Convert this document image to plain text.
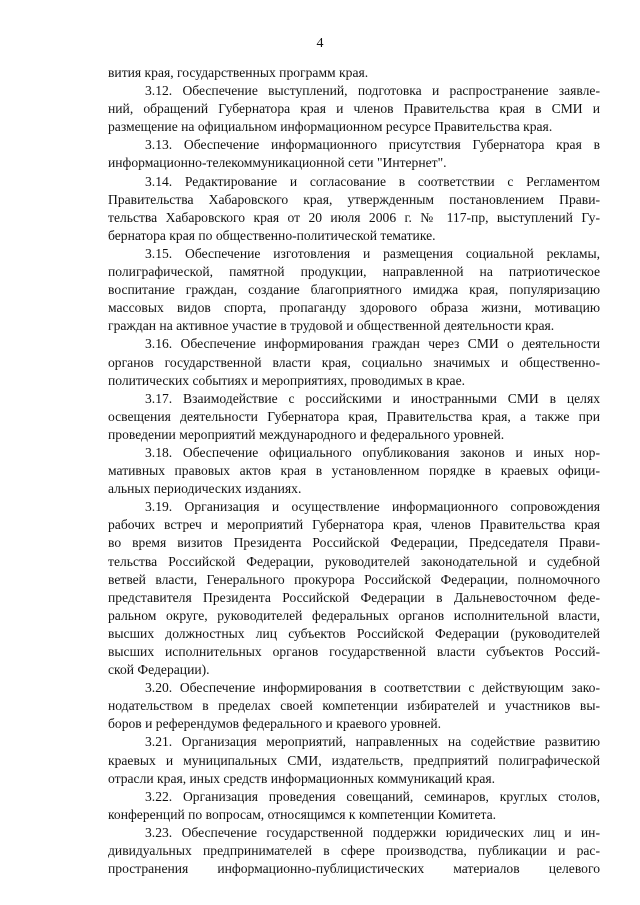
4
вития края, государственных программ края.
3.12. Обеспечение выступлений, подготовка и распространение заявле-
ний, обращений Губернатора края и членов Правительства края в СМИ и
размещение на официальном информационном ресурсе Правительства края.
3.13. Обеспечение информационного присутствия Губернатора края в
информационно-телекоммуникационной сети "Интернет".
3.14. Редактирование и согласование в соответствии с Регламентом
Правительства Хабаровского края, утвержденным постановлением Прави-
тельства Хабаровского края от 20 июля 2006 г. № 117-пр, выступлений Гу-
бернатора края по общественно-политической тематике.
3.15. Обеспечение изготовления и размещения социальной рекламы,
полиграфической, памятной продукции, направленной на патриотическое
воспитание граждан, создание благоприятного имиджа края, популяризацию
массовых видов спорта, пропаганду здорового образа жизни, мотивацию
граждан на активное участие в трудовой и общественной деятельности края.
3.16. Обеспечение информирования граждан через СМИ о деятельности
органов государственной власти края, социально значимых и общественно-
политических событиях и мероприятиях, проводимых в крае.
3.17. Взаимодействие с российскими и иностранными СМИ в целях
освещения деятельности Губернатора края, Правительства края, а также при
проведении мероприятий международного и федерального уровней.
3.18. Обеспечение официального опубликования законов и иных нор-
мативных правовых актов края в установленном порядке в краевых офици-
альных периодических изданиях.
3.19. Организация и осуществление информационного сопровождения
рабочих встреч и мероприятий Губернатора края, членов Правительства края
во время визитов Президента Российской Федерации, Председателя Прави-
тельства Российской Федерации, руководителей законодательной и судебной
ветвей власти, Генерального прокурора Российской Федерации, полномочного
представителя Президента Российской Федерации в Дальневосточном феде-
ральном округе, руководителей федеральных органов исполнительной власти,
высших должностных лиц субъектов Российской Федерации (руководителей
высших исполнительных органов государственной власти субъектов Россий-
ской Федерации).
3.20. Обеспечение информирования в соответствии с действующим зако-
нодательством в пределах своей компетенции избирателей и участников вы-
боров и референдумов федерального и краевого уровней.
3.21. Организация мероприятий, направленных на содействие развитию
краевых и муниципальных СМИ, издательств, предприятий полиграфической
отрасли края, иных средств информационных коммуникаций края.
3.22. Организация проведения совещаний, семинаров, круглых столов,
конференций по вопросам, относящимся к компетенции Комитета.
3.23. Обеспечение государственной поддержки юридических лиц и ин-
дивидуальных предпринимателей в сфере производства, публикации и рас-
пространения информационно-публицистических материалов целевого
